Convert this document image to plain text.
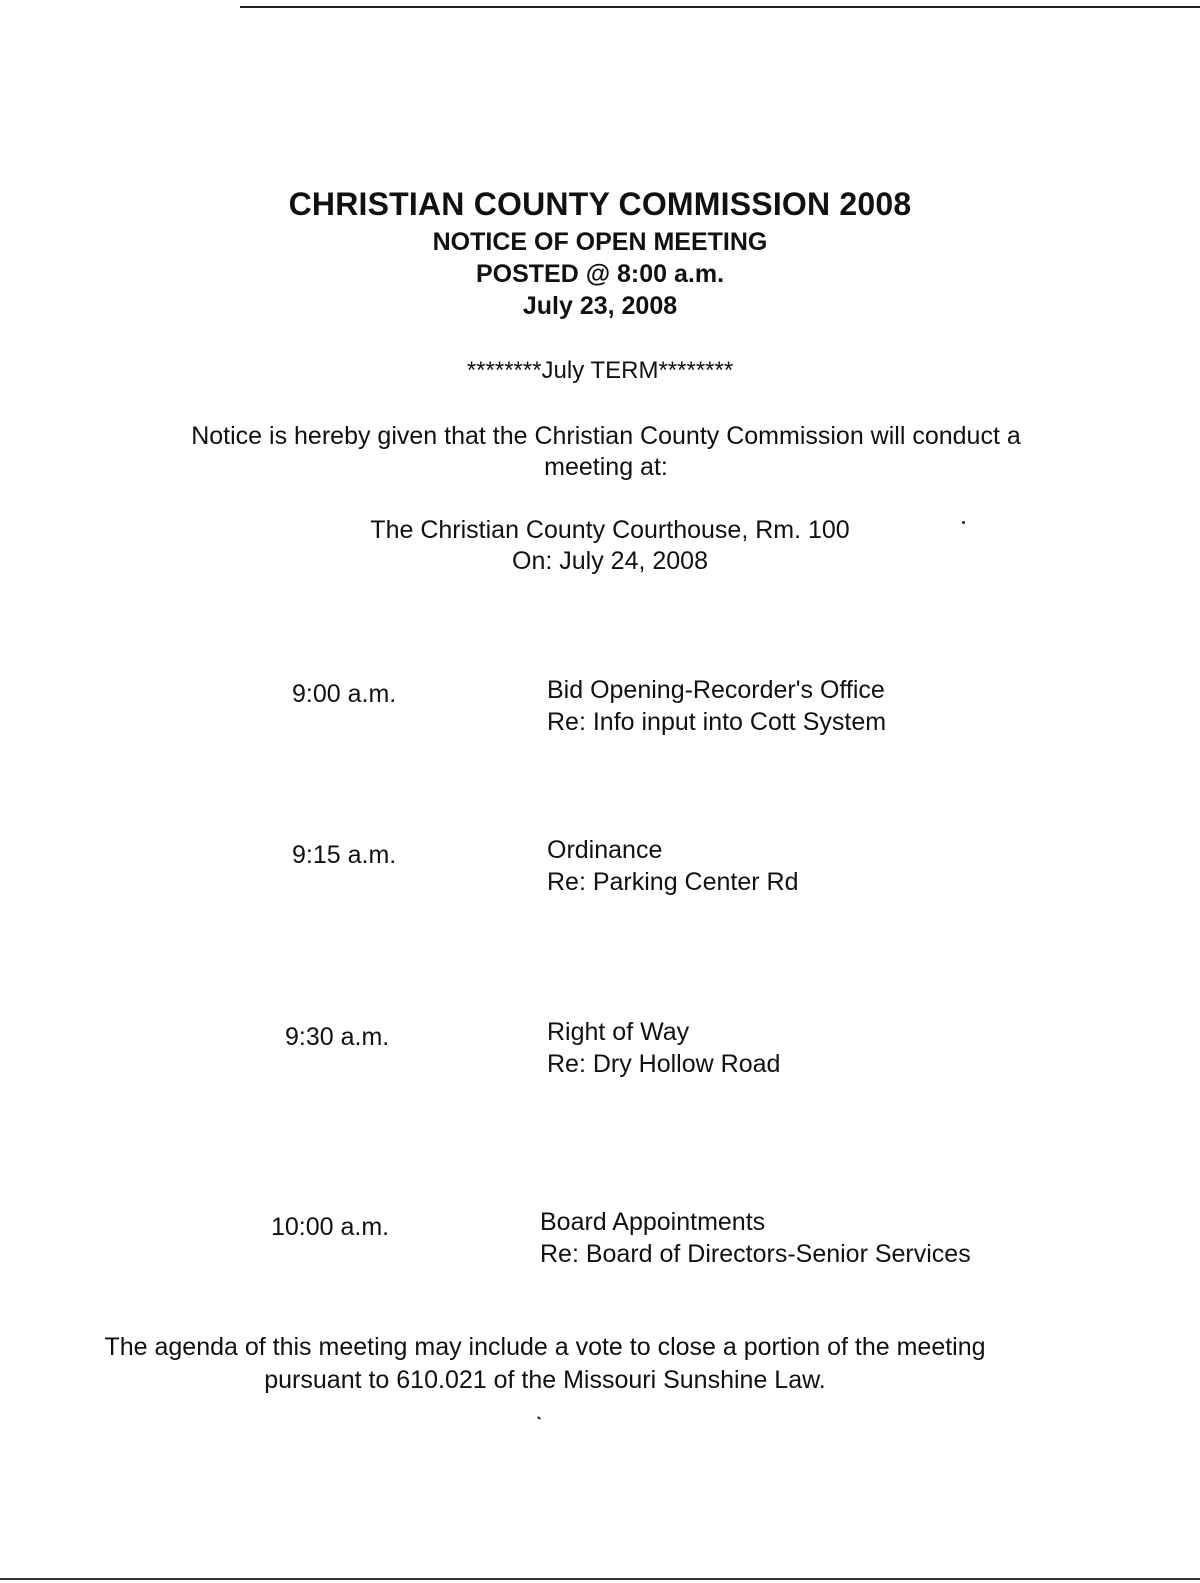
CHRISTIAN COUNTY COMMISSION 2008
NOTICE OF OPEN MEETING
POSTED @ 8:00 a.m.
July 23, 2008
********July TERM********
Notice is hereby given that the Christian County Commission will conduct a
meeting at:
The Christian County Courthouse, Rm. 100
On: July 24, 2008
9:00 a.m.	Bid Opening-Recorder's Office
Re: Info input into Cott System
9:15 a.m.	Ordinance
Re: Parking Center Rd
9:30 a.m.	Right of Way
Re: Dry Hollow Road
10:00 a.m.	Board Appointments
Re: Board of Directors-Senior Services
The agenda of this meeting may include a vote to close a portion of the meeting
pursuant to 610.021 of the Missouri Sunshine Law.
